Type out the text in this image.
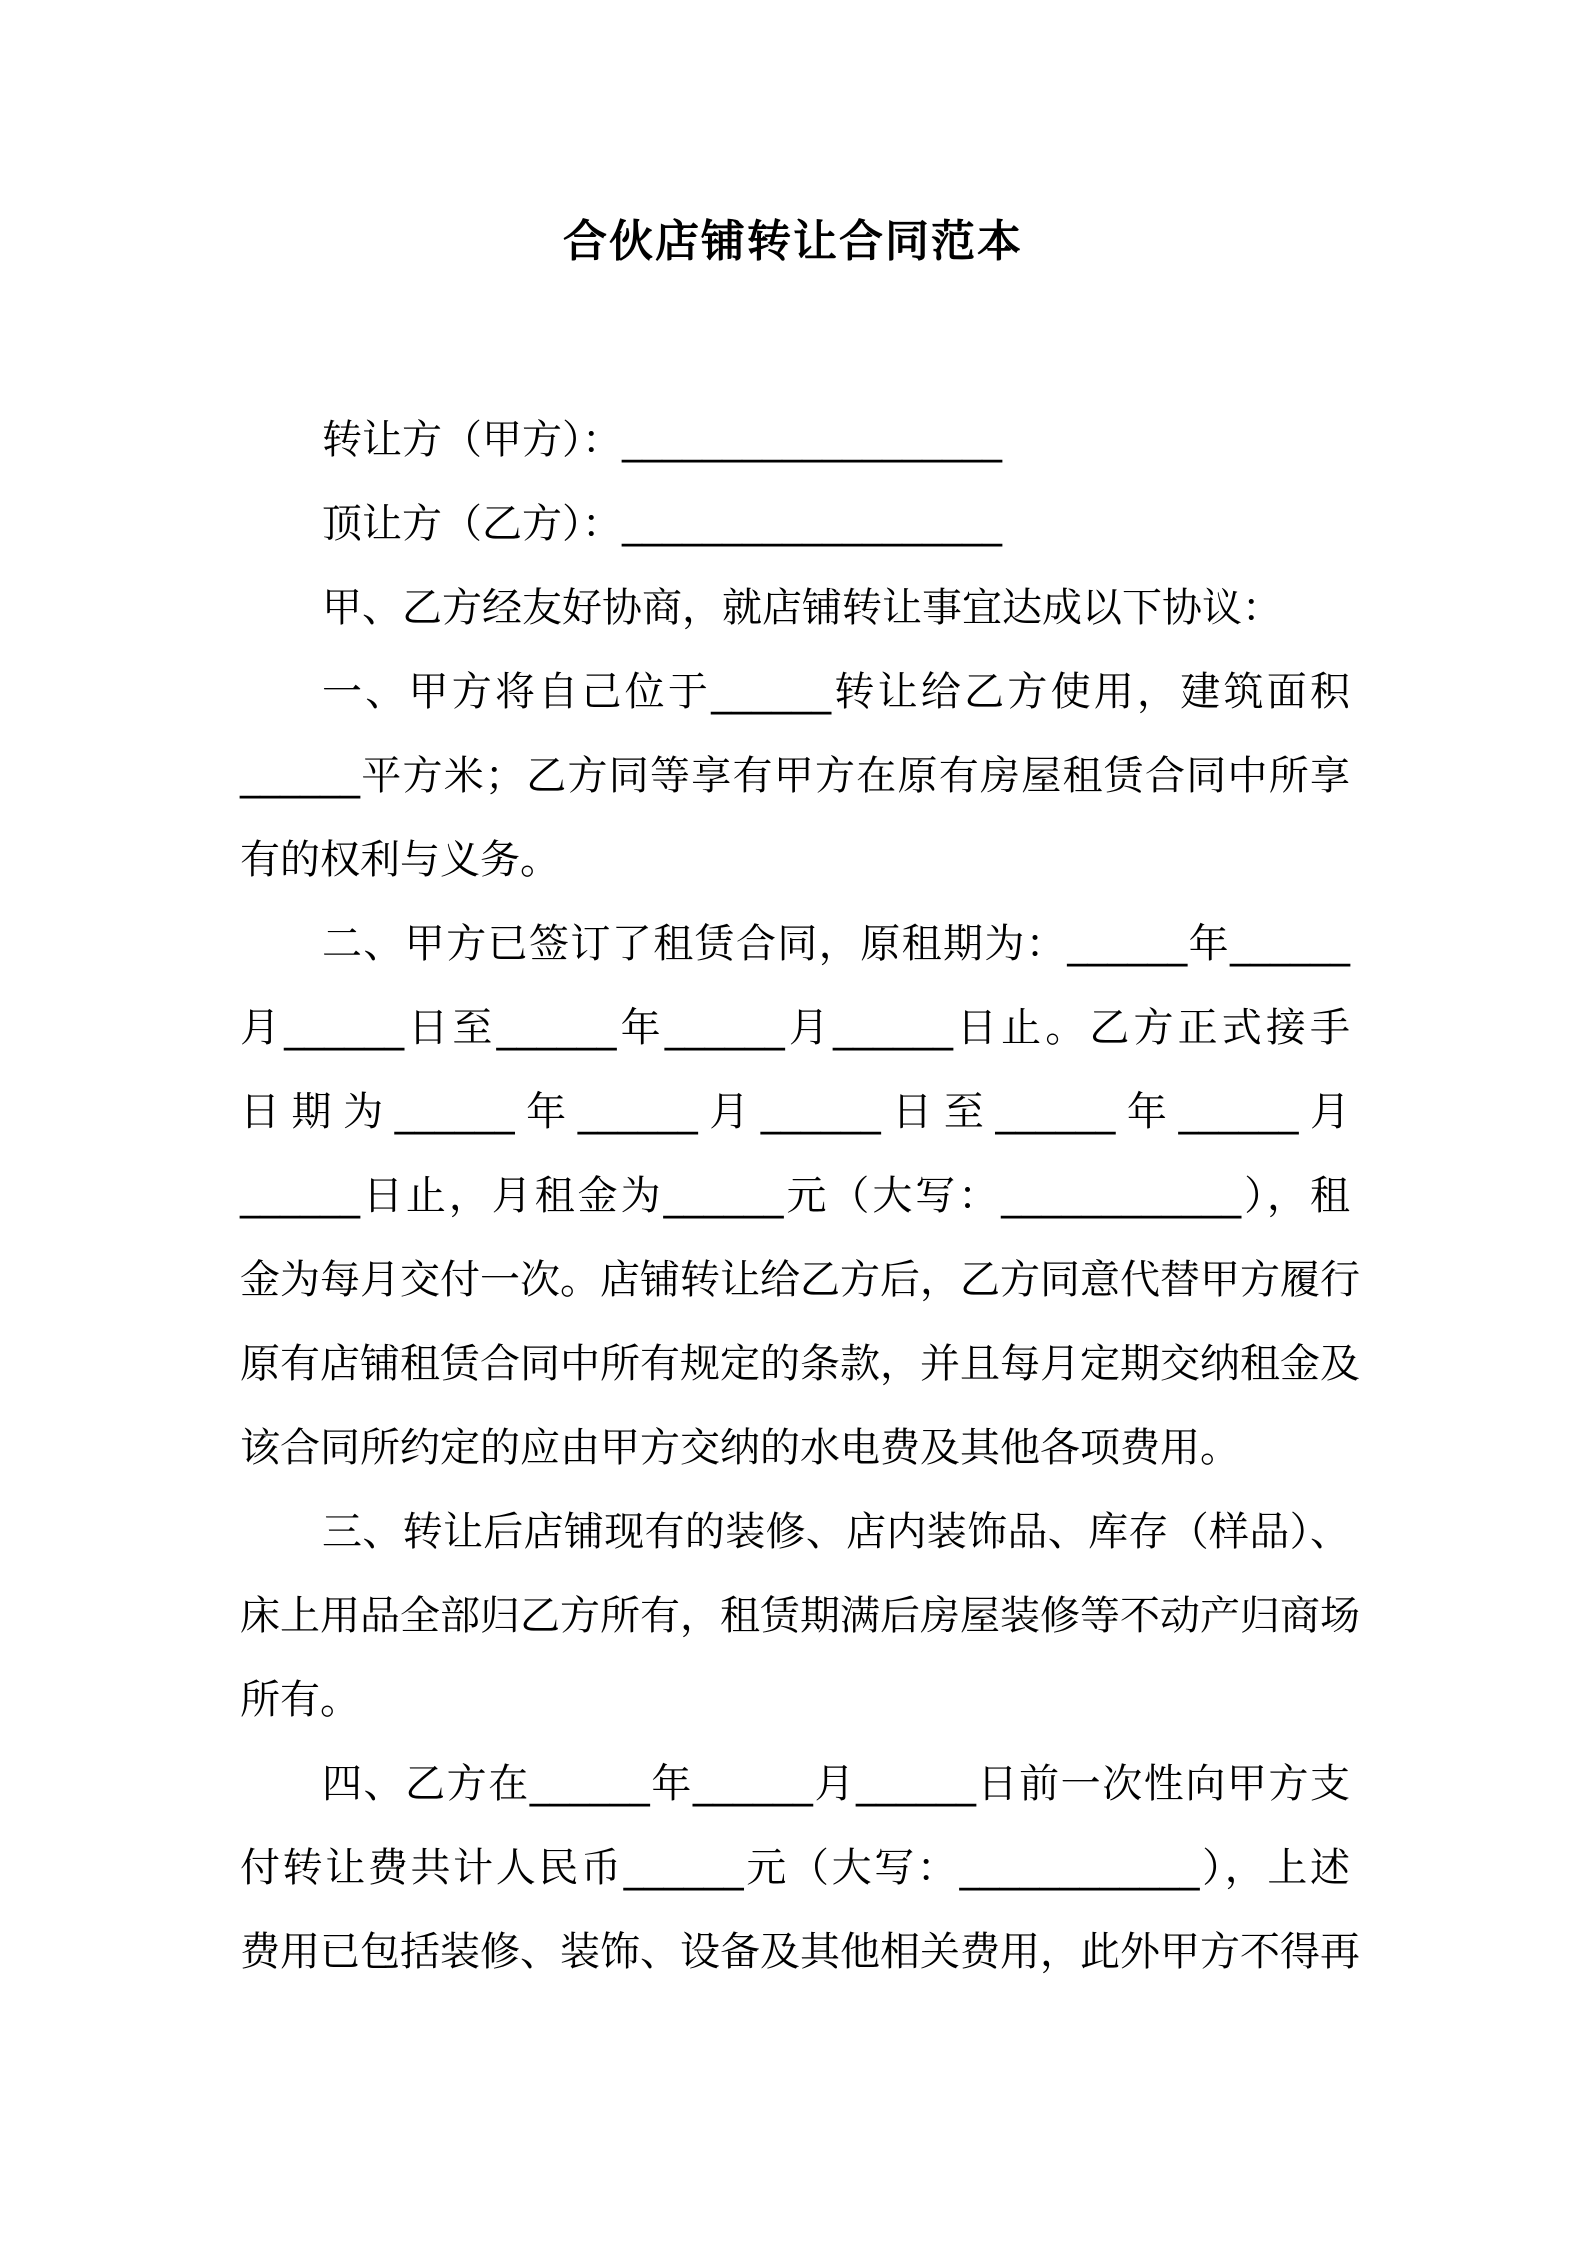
合伙店铺转让合同范本
转让方（甲方）：___________________
顶让方（乙方）：___________________
甲、乙方经友好协商，就店铺转让事宜达成以下协议：
一、甲方将自己位于______转让给乙方使用，建筑面积
______平方米；乙方同等享有甲方在原有房屋租赁合同中所享
有的权利与义务。
二、甲方已签订了租赁合同，原租期为：______年______
月______日至______年______月______日止。乙方正式接手
日期为______年______月______日至______年______月
______日止，月租金为______元（大写：____________），租
金为每月交付一次。店铺转让给乙方后，乙方同意代替甲方履行
原有店铺租赁合同中所有规定的条款，并且每月定期交纳租金及
该合同所约定的应由甲方交纳的水电费及其他各项费用。
三、转让后店铺现有的装修、店内装饰品、库存（样品）、
床上用品全部归乙方所有，租赁期满后房屋装修等不动产归商场
所有。
四、乙方在______年______月______日前一次性向甲方支
付转让费共计人民币______元（大写：____________），上述
费用已包括装修、装饰、设备及其他相关费用，此外甲方不得再
